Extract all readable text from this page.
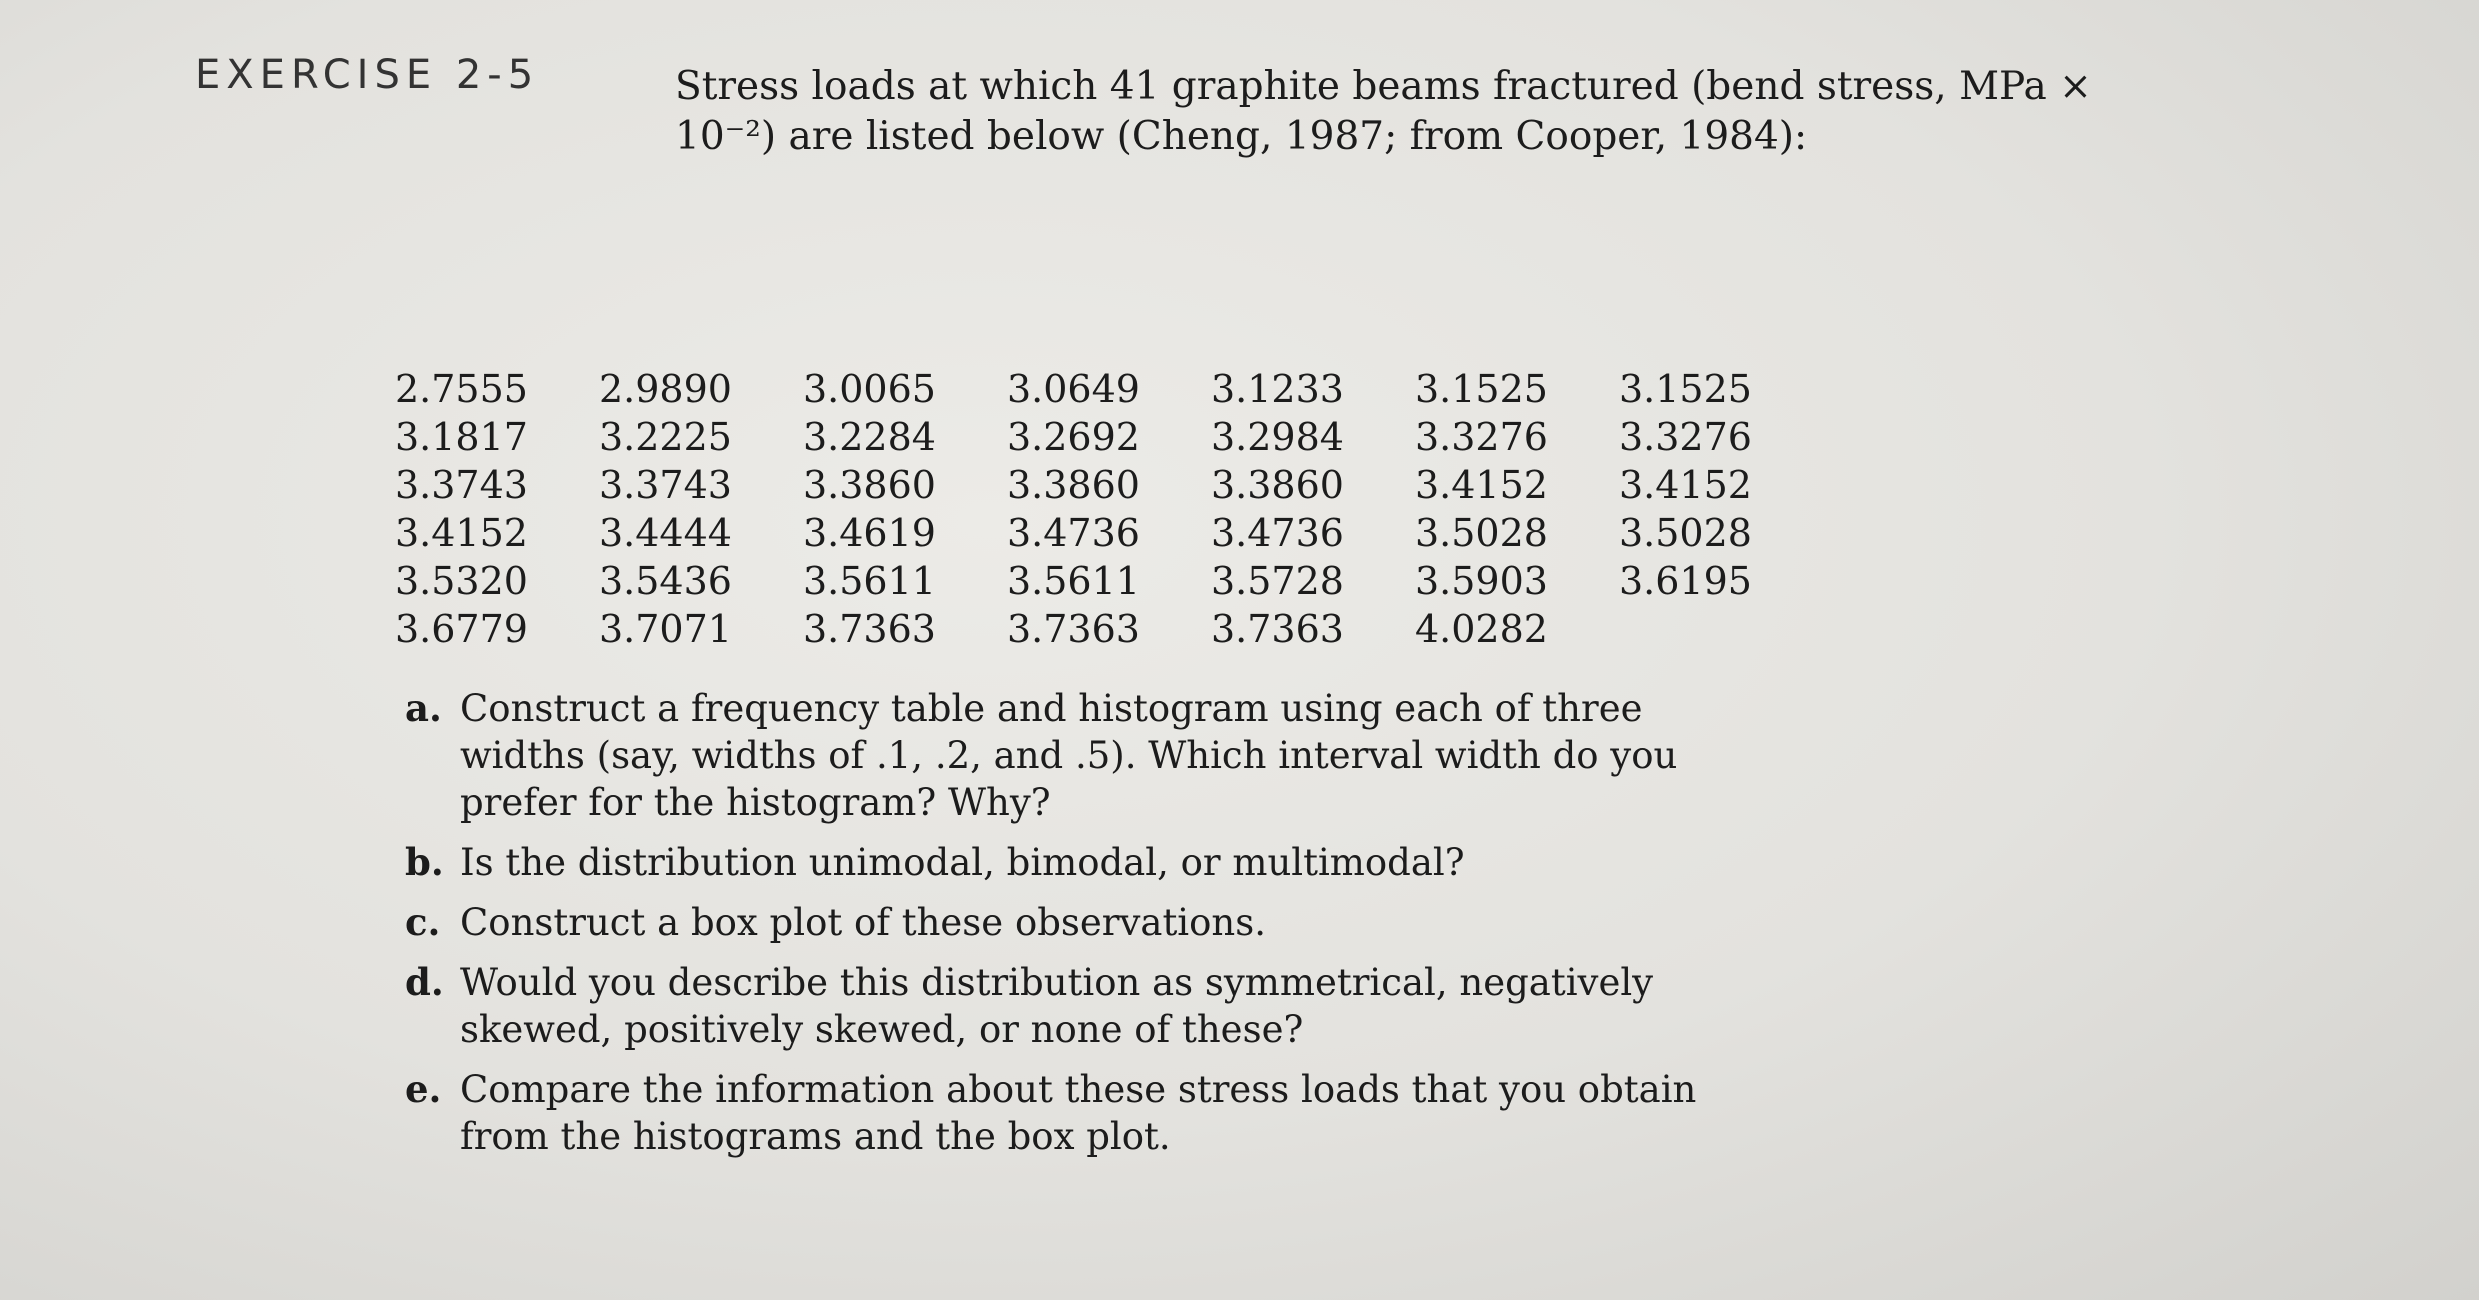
EXERCISE 2-5	Stress loads at which 41 graphite beams fractured (bend stress, MPa × 10⁻²) are listed below (Cheng, 1987; from Cooper, 1984):
2.7555	2.9890	3.0065	3.0649	3.1233	3.1525	3.1525
3.1817	3.2225	3.2284	3.2692	3.2984	3.3276	3.3276
3.3743	3.3743	3.3860	3.3860	3.3860	3.4152	3.4152
3.4152	3.4444	3.4619	3.4736	3.4736	3.5028	3.5028
3.5320	3.5436	3.5611	3.5611	3.5728	3.5903	3.6195
3.6779	3.7071	3.7363	3.7363	3.7363	4.0282	
a. Construct a frequency table and histogram using each of three widths (say, widths of .1, .2, and .5). Which interval width do you prefer for the histogram? Why?
b. Is the distribution unimodal, bimodal, or multimodal?
c. Construct a box plot of these observations.
d. Would you describe this distribution as symmetrical, negatively skewed, positively skewed, or none of these?
e. Compare the information about these stress loads that you obtain from the histograms and the box plot.
